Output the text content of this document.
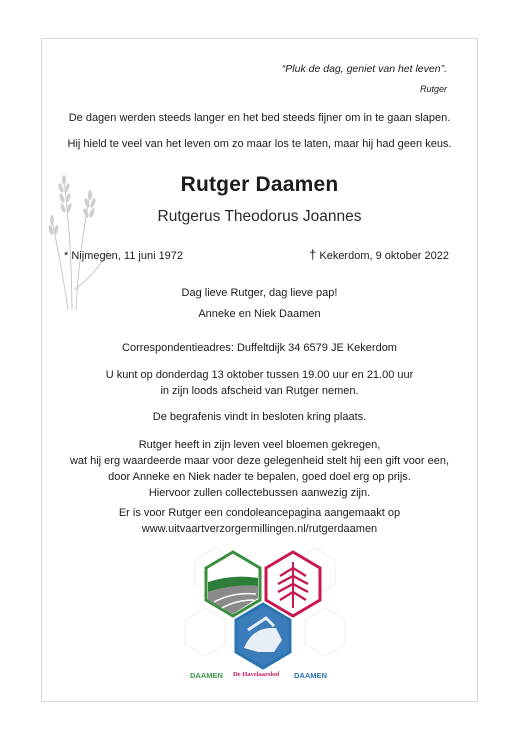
“Pluk de dag, geniet van het leven”.
Rutger
De dagen werden steeds langer en het bed steeds fijner om in te gaan slapen.
Hij hield te veel van het leven om zo maar los te laten, maar hij had geen keus.
Rutger Daamen
Rutgerus Theodorus Joannes
* Nijmegen, 11 juni 1972	† Kekerdom, 9 oktober 2022
Dag lieve Rutger, dag lieve pap!
Anneke en Niek Daamen
Correspondentieadres: Duffeltdijk 34 6579 JE Kekerdom
U kunt op donderdag 13 oktober tussen 19.00 uur en 21.00 uur
in zijn loods afscheid van Rutger nemen.
De begrafenis vindt in besloten kring plaats.
Rutger heeft in zijn leven veel bloemen gekregen,
wat hij erg waardeerde maar voor deze gelegenheid stelt hij een gift voor een,
door Anneke en Niek nader te bepalen, goed doel erg op prijs.
Hiervoor zullen collectebussen aanwezig zijn.
Er is voor Rutger een condoleancepagina aangemaakt op
www.uitvaartverzorgermillingen.nl/rutgerdaamen
DAAMEN
De Havelaarshof DAAMEN
